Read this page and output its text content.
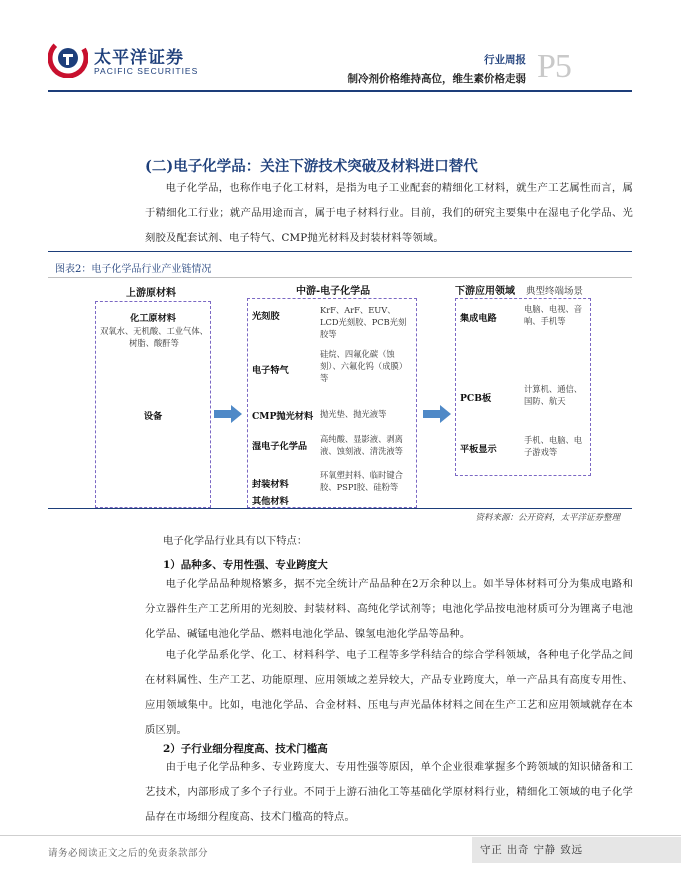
太平洋证券
PACIFIC SECURITIES
行业周报
制冷剂价格维持高位，维生素价格走弱 P5
(二)电子化学品：关注下游技术突破及材料进口替代

电子化学品，也称作电子化工材料，是指为电子工业配套的精细化工材料，就生产工艺属性而言，属于精细化工行业；就产品用途而言，属于电子材料行业。目前，我们的研究主要集中在湿电子化学品、光刻胶及配套试剂、电子特气、CMP抛光材料及封装材料等领域。

图表2：电子化学品行业产业链情况
上游原材料	中游-电子化学品	下游应用领域 典型终端场景
化工原材料
双氧水、无机酸、工业气体、树脂、酸酐等
设备
光刻胶
KrF、ArF、EUV、LCD光刻胶、PCB光刻胶等
电子特气
硅烷、四氟化碳（蚀刻）、六氟化钨（成膜）等
CMP抛光材料 抛光垫、抛光液等
湿电子化学品
高纯酸、显影液、剥离液、蚀刻液、清洗液等
封装材料
环氧塑封料、临时键合胶、PSPI胶、硅粉等
其他材料
集成电路
电脑、电视、音响、手机等
PCB板
计算机、通信、国防、航天
平板显示
手机、电脑、电子游戏等
资料来源：公开资料，太平洋证券整理
电子化学品行业具有以下特点：
1）品种多、专用性强、专业跨度大

电子化学品品种规格繁多，据不完全统计产品品种在2万余种以上。如半导体材料可分为集成电路和分立器件生产工艺所用的光刻胶、封装材料、高纯化学试剂等；电池化学品按电池材质可分为锂离子电池化学品、碱锰电池化学品、燃料电池化学品、镍氢电池化学品等品种。

电子化学品系化学、化工、材料科学、电子工程等多学科结合的综合学科领域，各种电子化学品之间在材料属性、生产工艺、功能原理、应用领域之差异较大，产品专业跨度大，单一产品具有高度专用性、应用领域集中。比如，电池化学品、合金材料、压电与声光晶体材料之间在生产工艺和应用领域就存在本质区别。

2）子行业细分程度高、技术门槛高

由于电子化学品种多、专业跨度大、专用性强等原因，单个企业很难掌握多个跨领域的知识储备和工艺技术，内部形成了多个子行业。不同于上游石油化工等基础化学原材料行业，精细化工领域的电子化学品存在市场细分程度高、技术门槛高的特点。

请务必阅读正文之后的免责条款部分	守正 出奇 宁静 致远
